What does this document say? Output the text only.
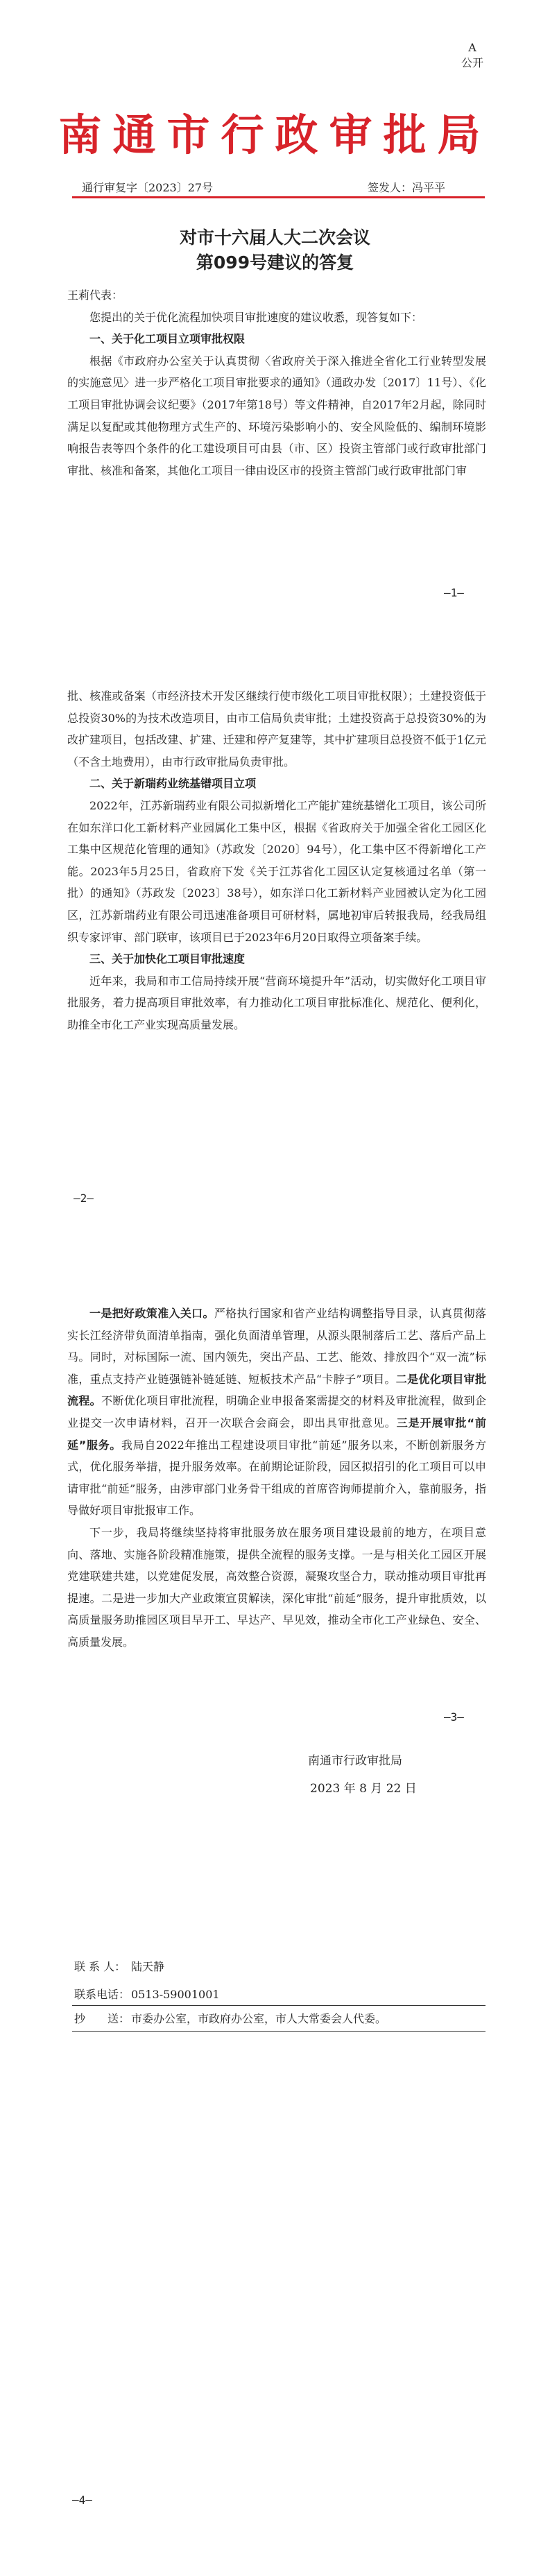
A
公开
南通市行政审批局
通行审复字〔2023〕27号	签发人：冯平平
对市十六届人大二次会议
第099号建议的答复

王莉代表：

您提出的关于优化流程加快项目审批速度的建议收悉，现答复如下：

一、关于化工项目立项审批权限

根据《市政府办公室关于认真贯彻〈省政府关于深入推进全省化工行业转型发展的实施意见〉进一步严格化工项目审批要求的通知》（通政办发〔2017〕11号）、《化工项目审批协调会议纪要》（2017年第18号）等文件精神，自2017年2月起，除同时满足以复配或其他物理方式生产的、环境污染影响小的、安全风险低的、编制环境影响报告表等四个条件的化工建设项目可由县（市、区）投资主管部门或行政审批部门审批、核准和备案，其他化工项目一律由设区市的投资主管部门或行政审批部门审

—1—

批、核准或备案（市经济技术开发区继续行使市级化工项目审批权限）；土建投资低于总投资30%的为技术改造项目，由市工信局负责审批；土建投资高于总投资30%的为改扩建项目，包括改建、扩建、迁建和停产复建等，其中扩建项目总投资不低于1亿元（不含土地费用），由市行政审批局负责审批。

二、关于新瑞药业统基镨项目立项

2022年，江苏新瑞药业有限公司拟新增化工产能扩建统基镨化工项目，该公司所在如东洋口化工新材料产业园属化工集中区，根据《省政府关于加强全省化工园区化工集中区规范化管理的通知》（苏政发〔2020〕94号），化工集中区不得新增化工产能。2023年5月25日，省政府下发《关于江苏省化工园区认定复核通过名单（第一批）的通知》（苏政发〔2023〕38号），如东洋口化工新材料产业园被认定为化工园区，江苏新瑞药业有限公司迅速准备项目可研材料，属地初审后转报我局，经我局组织专家评审、部门联审，该项目已于2023年6月20日取得立项备案手续。

三、关于加快化工项目审批速度

近年来，我局和市工信局持续开展“营商环境提升年”活动，切实做好化工项目审批服务，着力提高项目审批效率，有力推动化工项目审批标准化、规范化、便利化，助推全市化工产业实现高质量发展。

—2—

一是把好政策准入关口。严格执行国家和省产业结构调整指导目录，认真贯彻落实长江经济带负面清单指南，强化负面清单管理，从源头限制落后工艺、落后产品上马。同时，对标国际一流、国内领先，突出产品、工艺、能效、排放四个“双一流”标准，重点支持产业链强链补链延链、短板技术产品“卡脖子”项目。二是优化项目审批流程。不断优化项目审批流程，明确企业申报备案需提交的材料及审批流程，做到企业提交一次申请材料，召开一次联合会商会，即出具审批意见。三是开展审批“前延”服务。我局自2022年推出工程建设项目审批“前延”服务以来，不断创新服务方式，优化服务举措，提升服务效率。在前期论证阶段，园区拟招引的化工项目可以申请审批“前延”服务，由涉审部门业务骨干组成的首席咨询师提前介入，靠前服务，指导做好项目审批报审工作。

下一步，我局将继续坚持将审批服务放在服务项目建设最前的地方，在项目意向、落地、实施各阶段精准施策，提供全流程的服务支撑。一是与相关化工园区开展党建联建共建，以党建促发展，高效整合资源，凝聚攻坚合力，联动推动项目审批再提速。二是进一步加大产业政策宣贯解读，深化审批“前延”服务，提升审批质效，以高质量服务助推园区项目早开工、早达产、早见效，推动全市化工产业绿色、安全、高质量发展。

—3—
南通市行政审批局
2023 年 8 月 22 日
联 系 人： 陆天静
联系电话： 0513-59001001
抄　　送： 市委办公室，市政府办公室，市人大常委会人代委。
—4—
